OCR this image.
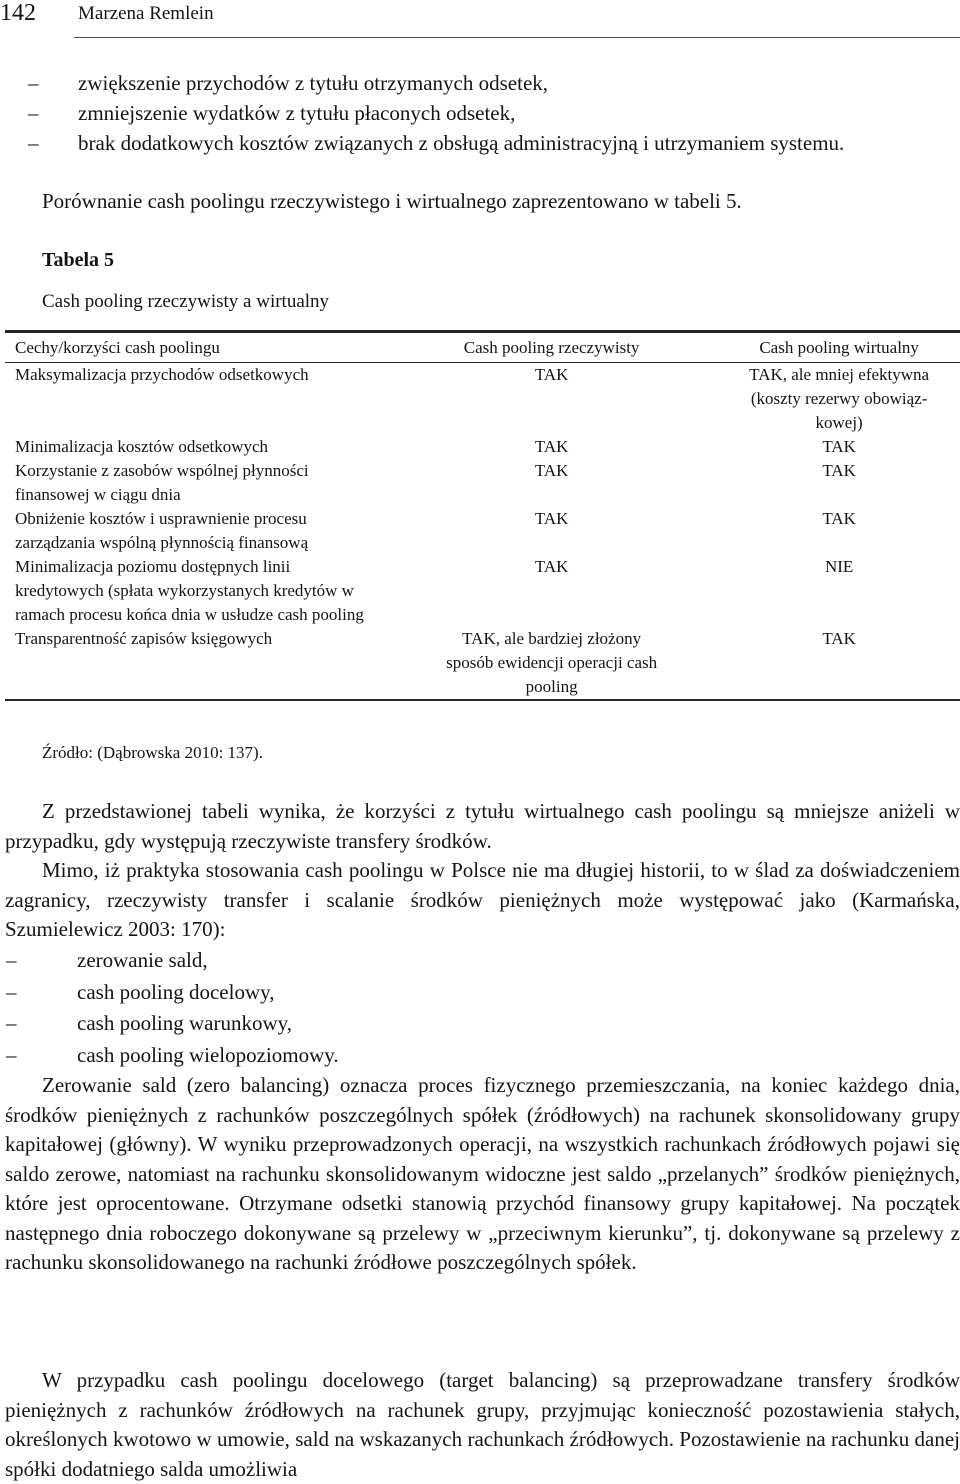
142 Marzena Remlein
– zwiększenie przychodów z tytułu otrzymanych odsetek,
– zmniejszenie wydatków z tytułu płaconych odsetek,
– brak dodatkowych kosztów związanych z obsługą administracyjną i utrzymaniem systemu.
Porównanie cash poolingu rzeczywistego i wirtualnego zaprezentowano w tabeli 5.
Tabela 5
Cash pooling rzeczywisty a wirtualny
Cechy/korzyści cash poolingu	Cash pooling rzeczywisty	Cash pooling wirtualny
Maksymalizacja przychodów odsetkowych	TAK	TAK, ale mniej efektywna (koszty rezerwy obowiąz-kowej)
Minimalizacja kosztów odsetkowych	TAK	TAK
Korzystanie z zasobów wspólnej płynności finansowej w ciągu dnia	TAK	TAK
Obniżenie kosztów i usprawnienie procesu zarządzania wspólną płynnością finansową	TAK	TAK
Minimalizacja poziomu dostępnych linii kredytowych (spłata wykorzystanych kredytów w ramach procesu końca dnia w usłudze cash pooling	TAK	NIE
Transparentność zapisów księgowych	TAK, ale bardziej złożony sposób ewidencji operacji cash pooling	TAK
Źródło: (Dąbrowska 2010: 137).

Z przedstawionej tabeli wynika, że korzyści z tytułu wirtualnego cash poolingu są mniejsze aniżeli w przypadku, gdy występują rzeczywiste transfery środków.

Mimo, iż praktyka stosowania cash poolingu w Polsce nie ma długiej historii, to w ślad za doświadczeniem zagranicy, rzeczywisty transfer i scalanie środków pieniężnych może występować jako (Karmańska, Szumielewicz 2003: 170):

–	zerowanie sald,
–	cash pooling docelowy,
–	cash pooling warunkowy,
–	cash pooling wielopoziomowy.

Zerowanie sald (zero balancing) oznacza proces fizycznego przemieszczania, na koniec każdego dnia, środków pieniężnych z rachunków poszczególnych spółek (źródłowych) na rachunek skonsolidowany grupy kapitałowej (główny). W wyniku przeprowadzonych operacji, na wszystkich rachunkach źródłowych pojawi się saldo zerowe, natomiast na rachunku skonsolidowanym widoczne jest saldo „przelanych” środków pieniężnych, które jest oprocentowane. Otrzymane odsetki stanowią przychód finansowy grupy kapitałowej. Na początek następnego dnia roboczego dokonywane są przelewy w „przeciwnym kierunku”, tj. dokonywane są przelewy z rachunku skonsolidowanego na rachunki źródłowe poszczególnych spółek.

W przypadku cash poolingu docelowego (target balancing) są przeprowadzane transfery środków pieniężnych z rachunków źródłowych na rachunek grupy, przyjmując konieczność pozostawienia stałych, określonych kwotowo w umowie, sald na wskazanych rachunkach źródłowych. Pozostawienie na rachunku danej spółki dodatniego salda umożliwia
